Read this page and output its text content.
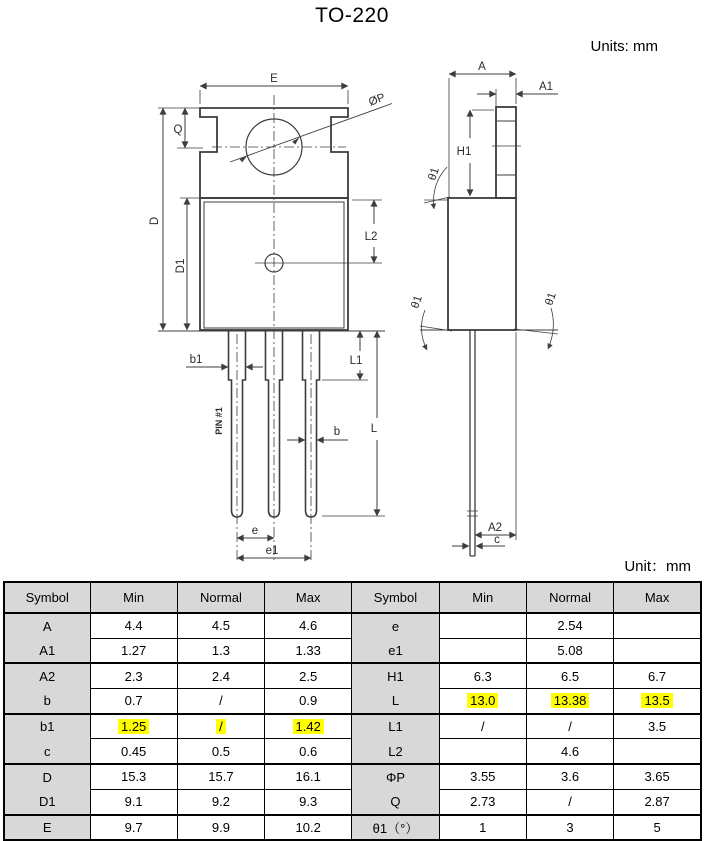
TO-220
Units: mm
Unit：mm
E
Q
ØP
D
D1
L2
b1
PIN #1	b
L1
L
e
e1
A
A1
H1
θ1
A2
c
θ1	θ1
Symbol	Min	Normal	Max	Symbol	Min	Normal	Max
A	4.4	4.5	4.6	e		2.54	
A1	1.27	1.3	1.33	e1		5.08	
A2	2.3	2.4	2.5	H1	6.3	6.5	6.7
b	0.7	/	0.9	L	13.0	13.38	13.5
b1	1.25	/	1.42	L1	/	/	3.5
c	0.45	0.5	0.6	L2		4.6	
D	15.3	15.7	16.1	ΦP	3.55	3.6	3.65
D1	9.1	9.2	9.3	Q	2.73	/	2.87
E	9.7	9.9	10.2	θ1（°）	1	3	5
